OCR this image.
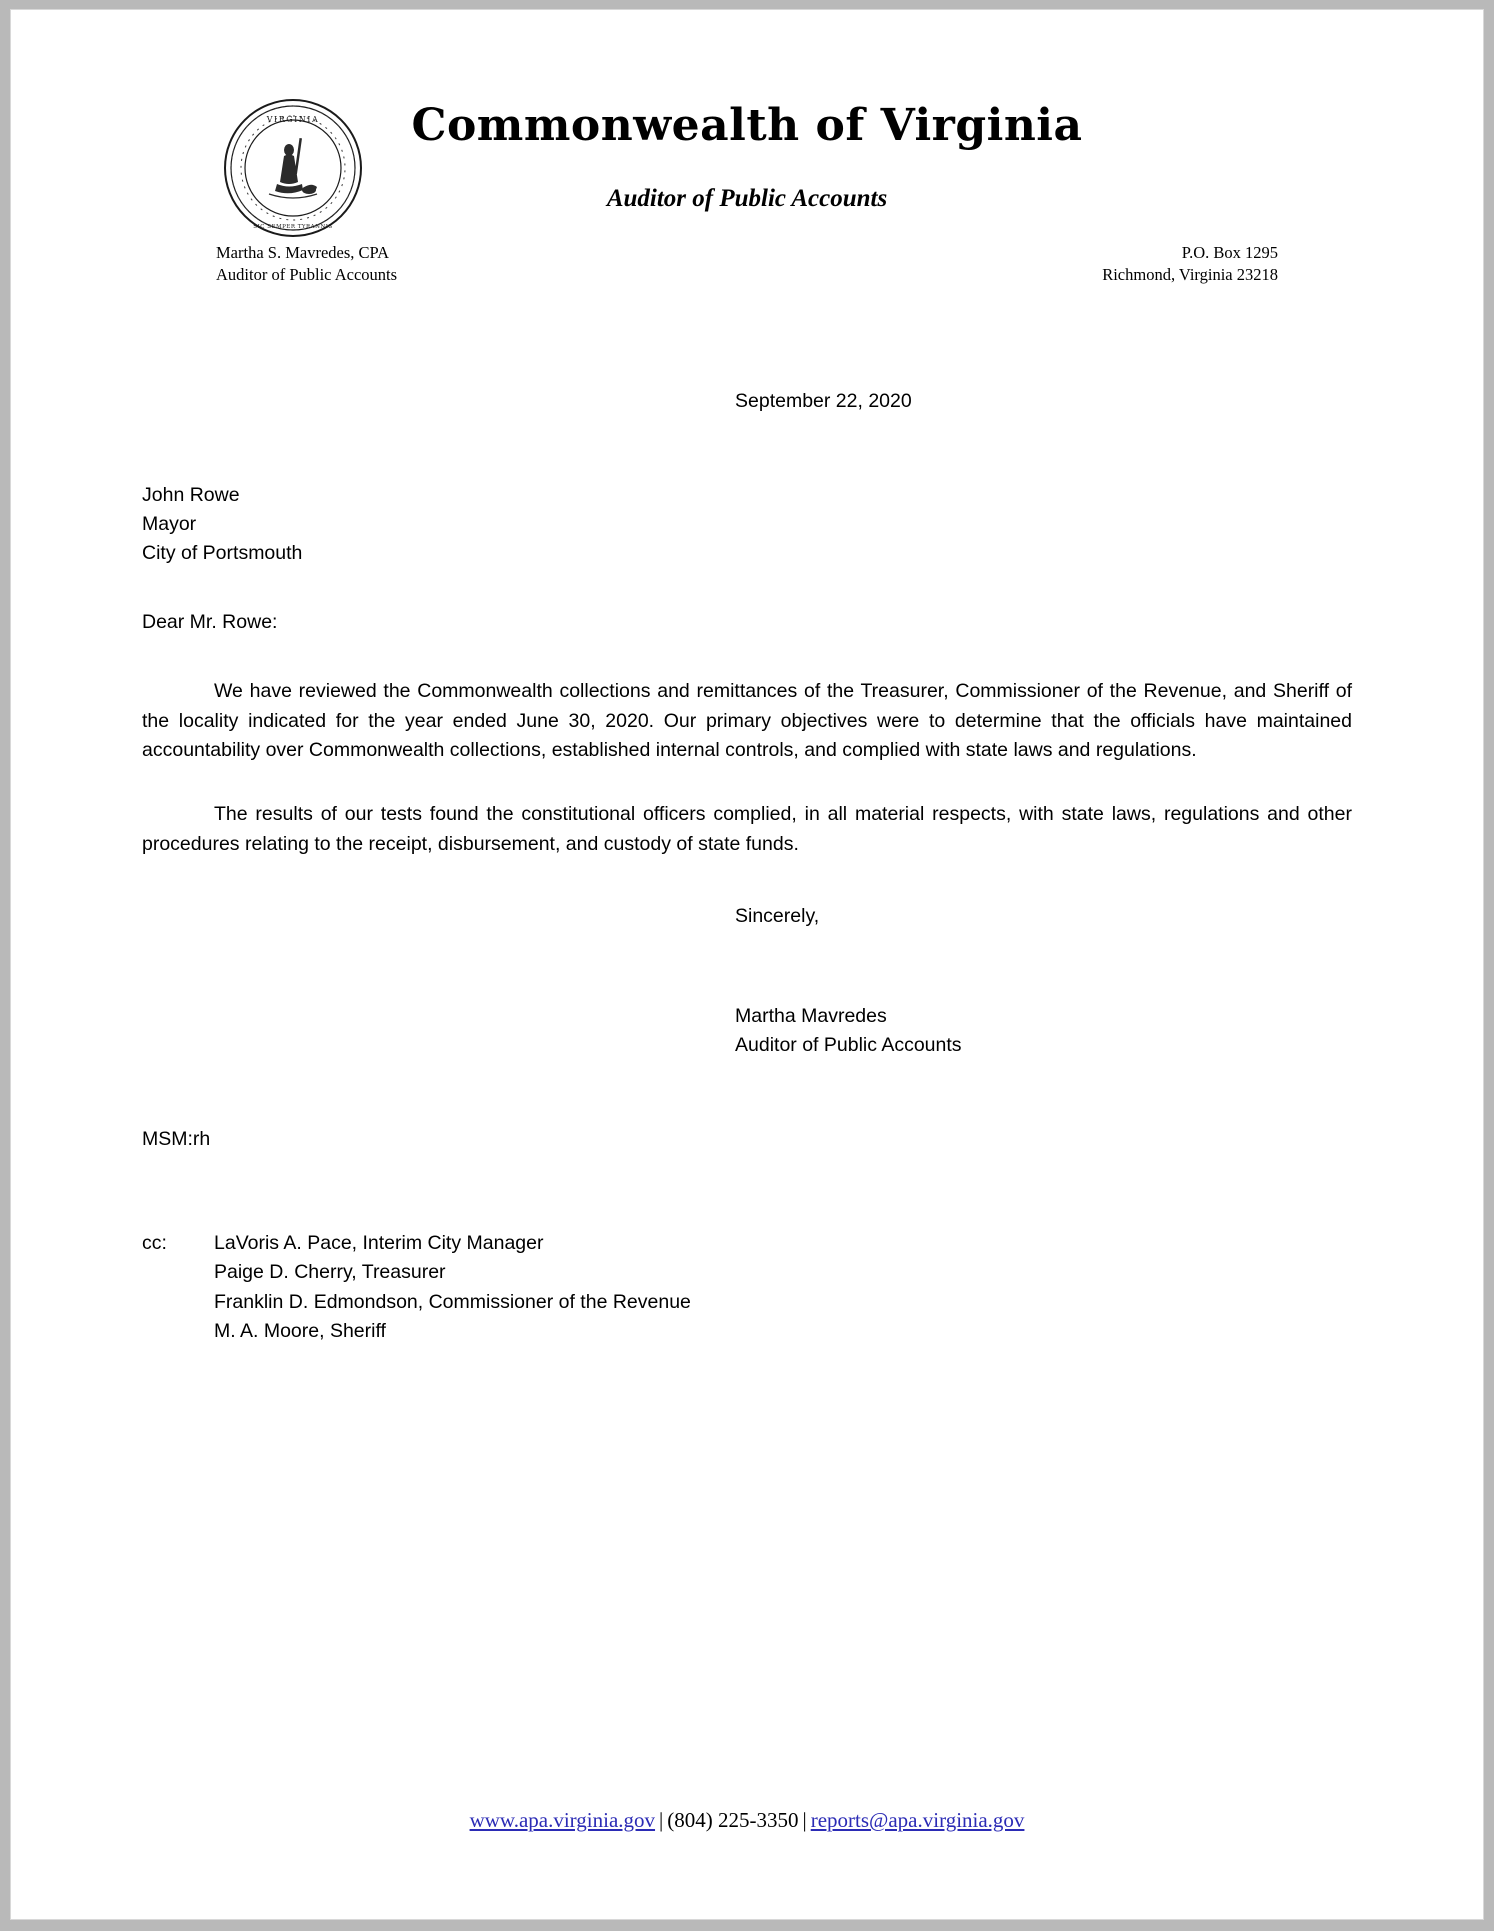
VIRGINIA
SIC SEMPER TYRANNIS
Commonwealth of Virginia
Auditor of Public Accounts
Martha S. Mavredes, CPA
Auditor of Public Accounts
P.O. Box 1295
Richmond, Virginia 23218
September 22, 2020
John Rowe
Mayor
City of Portsmouth
Dear Mr. Rowe:

We have reviewed the Commonwealth collections and remittances of the Treasurer, Commissioner of the Revenue, and Sheriff of the locality indicated for the year ended June 30, 2020. Our primary objectives were to determine that the officials have maintained accountability over Commonwealth collections, established internal controls, and complied with state laws and regulations.

The results of our tests found the constitutional officers complied, in all material respects, with state laws, regulations and other procedures relating to the receipt, disbursement, and custody of state funds.

Sincerely,
Martha Mavredes
Auditor of Public Accounts
MSM:rh
cc:	LaVoris A. Pace, Interim City Manager
Paige D. Cherry, Treasurer
Franklin D. Edmondson, Commissioner of the Revenue
M. A. Moore, Sheriff
www.apa.virginia.gov | (804) 225-3350 | reports@apa.virginia.gov
